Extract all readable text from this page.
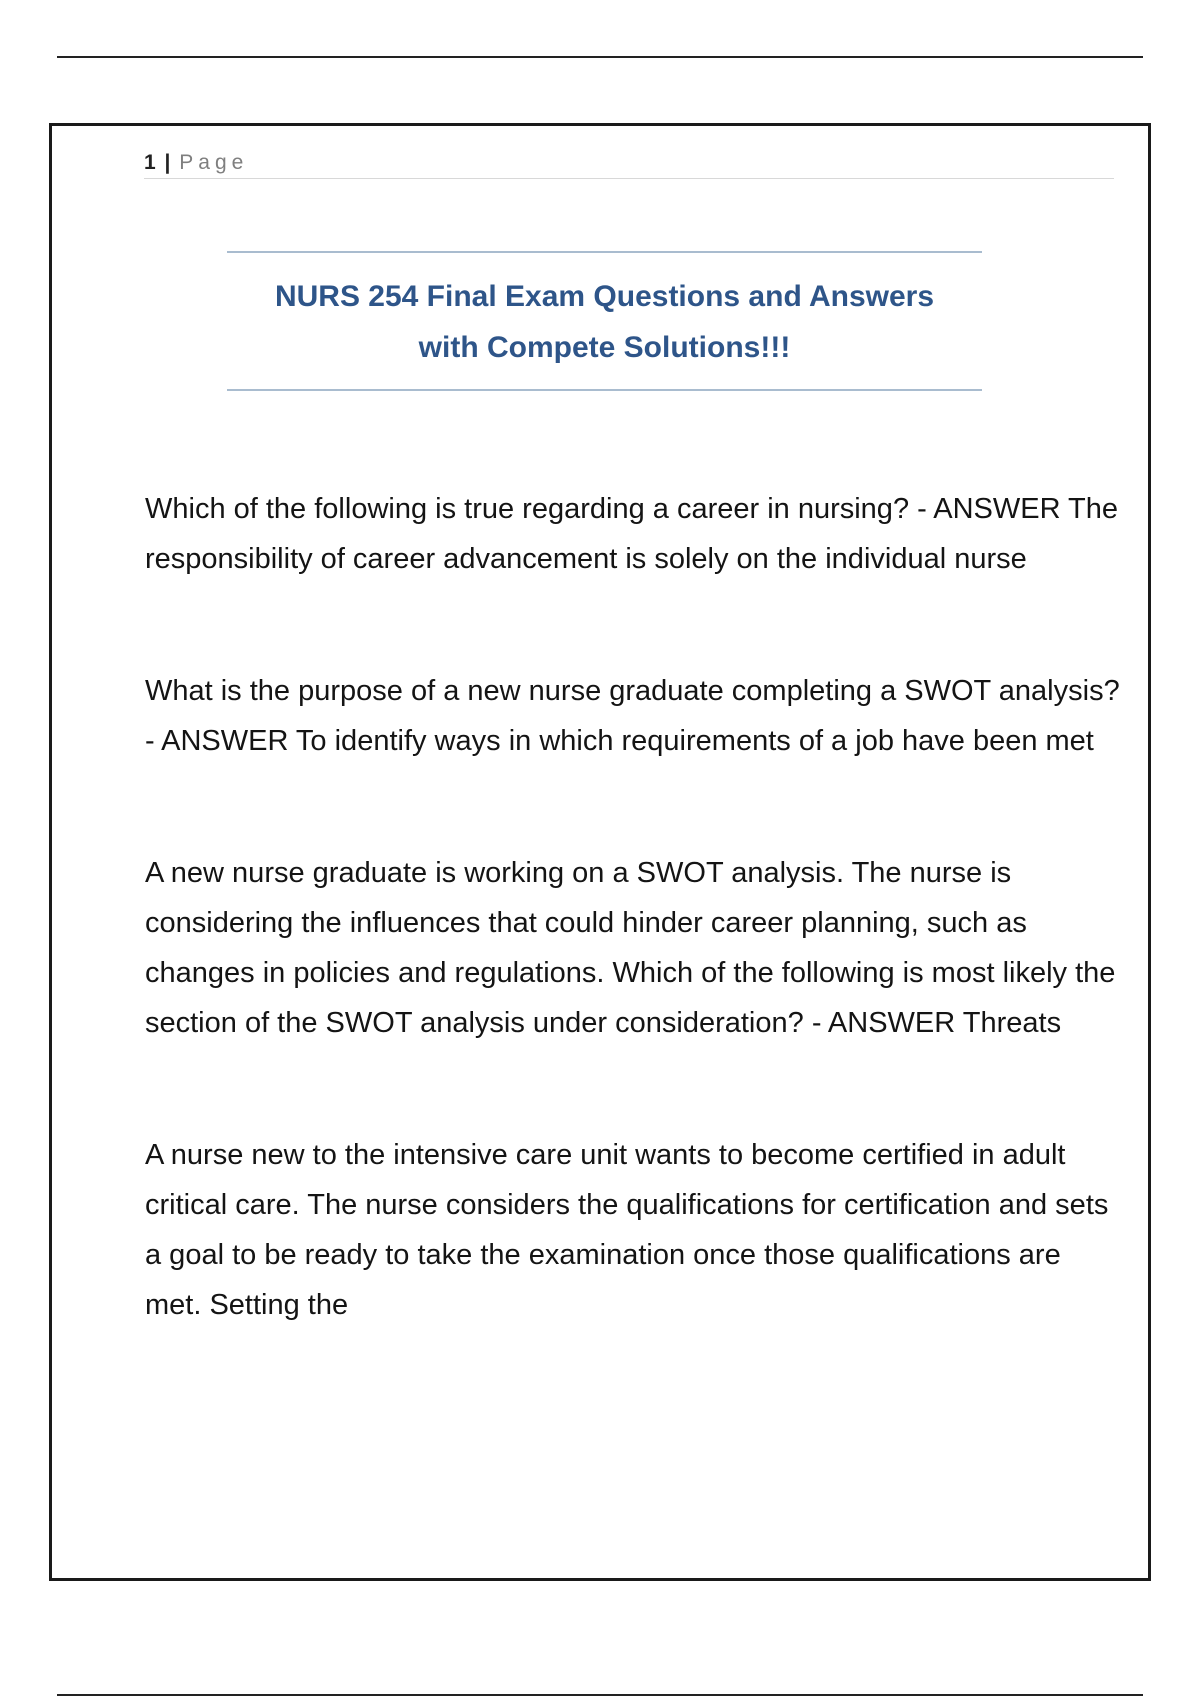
1 | Page
NURS 254 Final Exam Questions and Answers
with Compete Solutions!!!

Which of the following is true regarding a career in nursing? - ANSWER The responsibility of career advancement is solely on the individual nurse

What is the purpose of a new nurse graduate completing a SWOT analysis? - ANSWER To identify ways in which requirements of a job have been met

A new nurse graduate is working on a SWOT analysis. The nurse is considering the influences that could hinder career planning, such as changes in policies and regulations. Which of the following is most likely the section of the SWOT analysis under consideration? - ANSWER Threats

A nurse new to the intensive care unit wants to become certified in adult critical care. The nurse considers the qualifications for certification and sets a goal to be ready to take the examination once those qualifications are met. Setting the
